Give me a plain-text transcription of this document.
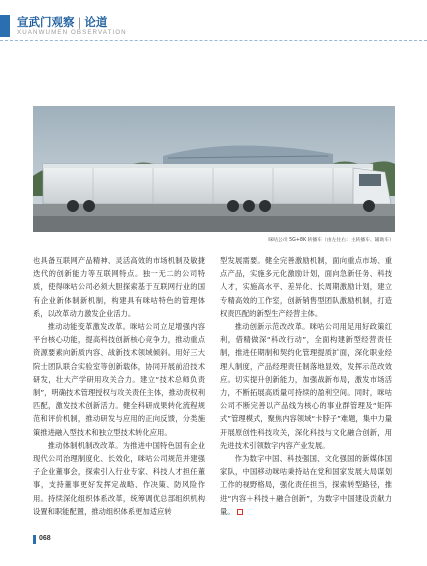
宣武门观察 | 论道
XUANWUMEN OBSERVATION
咪咕公司 5G+8K 转播车（由左往右：主转播车、辅助车）

也具备互联网产品精神、灵活高效的市场机制及敏捷迭代的创新能力等互联网特点。独一无二的公司特质，使得咪咕公司必须大胆探索基于互联网行业的国有企业新体制新机制，构建具有咪咕特色的管理体系，以改革动力激发企业活力。

推动动能变革激发改革。咪咕公司立足增强内容平台核心功能，提高科技创新核心竞争力，推动重点资源要素向新质内容、战新技术领域倾斜。用好三大院士团队联合实验室等创新载体，协同开展前沿技术研发，壮大产学研用攻关合力。建立“技术总师负责制”，明确技术管理授权与攻关责任主体，推动责权利匹配，激发技术创新活力。健全科研成果转化流程规范和评价机制，推动研发与应用的正向反馈，分类施策推进融入型技术和独立型技术转化应用。

推动体制机制改改革。为推进中国特色国有企业现代公司治理制度化、长效化，咪咕公司规范并建强子企业董事会，探索引入行业专家、科技人才担任董事，支持董事更好发挥定战略、作决策、防风险作用。持续深化组织体系改革，统筹调优总部组织机构设置和职能配置，推动组织体系更加适应转

型发展需要。健全完善激励机制，面向重点市场、重点产品，实施多元化激励计划，面向急新任务、科技人才，实施高水平、差异化、长周期激励计划，建立专精高效的工作室，创新销售型团队激励机制，打造权责匹配的新型生产经营主体。

推动创新示范改改革。咪咕公司用足用好政策红利，借精做深“科改行动”，全面构建新型经营责任制，推进任期制和契约化管理提质扩面，深化职业经理人制度，产品经理责任制落地显效，发挥示范改效应。切实提升创新能力，加强战新布局，激发市场活力，不断拓展高质量可持续的盈利空间。同时，咪咕公司不断完善以产品线为核心的事业群管理及“矩阵式”管理模式，聚焦内容领域“卡脖子”难题，集中力量开展原创性科技攻关，深化科技与文化融合创新，用先进技术引领数字内容产业发展。

作为数字中国、科技强国、文化强国的新媒体国家队，中国移动咪咕秉持站在党和国家发展大局谋划工作的视野格局，强化责任担当，探索转型路径，推进“内容＋科技＋融合创新”，为数字中国建设贡献力量。

068
